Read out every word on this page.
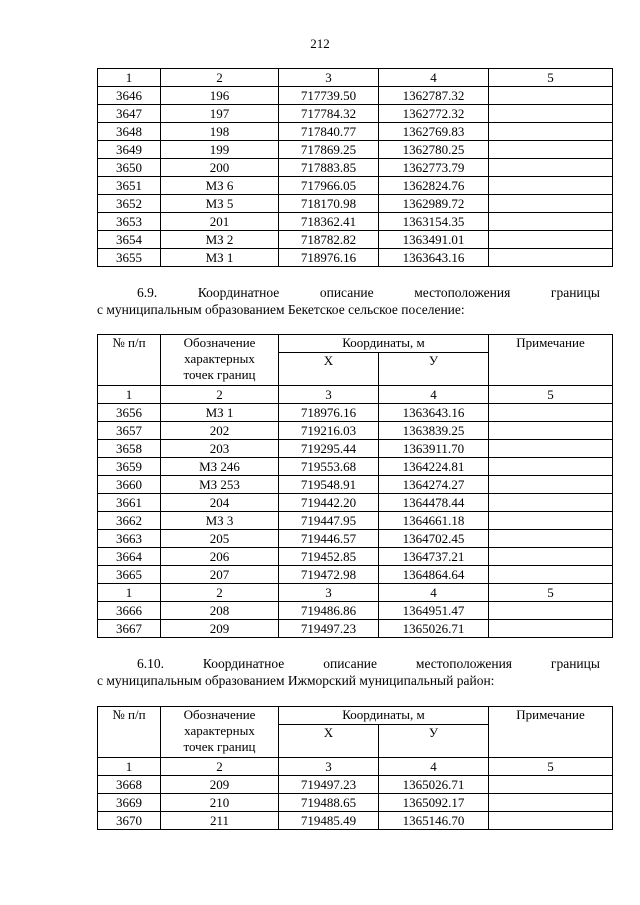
212
1	2	3	4	5
3646	196	717739.50	1362787.32	
3647	197	717784.32	1362772.32	
3648	198	717840.77	1362769.83	
3649	199	717869.25	1362780.25	
3650	200	717883.85	1362773.79	
3651	МЗ 6	717966.05	1362824.76	
3652	МЗ 5	718170.98	1362989.72	
3653	201	718362.41	1363154.35	
3654	МЗ 2	718782.82	1363491.01	
3655	МЗ 1	718976.16	1363643.16	
6.9.	Координатное	описание	местоположения	границы
с муниципальным образованием Бекетское сельское поселение:
№ п/п	Обозначение
характерных
точек границ	Координаты, м		Примечание
		Х	У	
1	2	3	4	5
3656	МЗ 1	718976.16	1363643.16	
3657	202	719216.03	1363839.25	
3658	203	719295.44	1363911.70	
3659	МЗ 246	719553.68	1364224.81	
3660	МЗ 253	719548.91	1364274.27	
3661	204	719442.20	1364478.44	
3662	МЗ 3	719447.95	1364661.18	
3663	205	719446.57	1364702.45	
3664	206	719452.85	1364737.21	
3665	207	719472.98	1364864.64	
1	2	3	4	5
3666	208	719486.86	1364951.47	
3667	209	719497.23	1365026.71	
6.10.	Координатное	описание	местоположения	границы
с муниципальным образованием Ижморский муниципальный район:
№ п/п	Обозначение
характерных
точек границ	Координаты, м		Примечание
		Х	У	
1	2	3	4	5
3668	209	719497.23	1365026.71	
3669	210	719488.65	1365092.17	
3670	211	719485.49	1365146.70	
